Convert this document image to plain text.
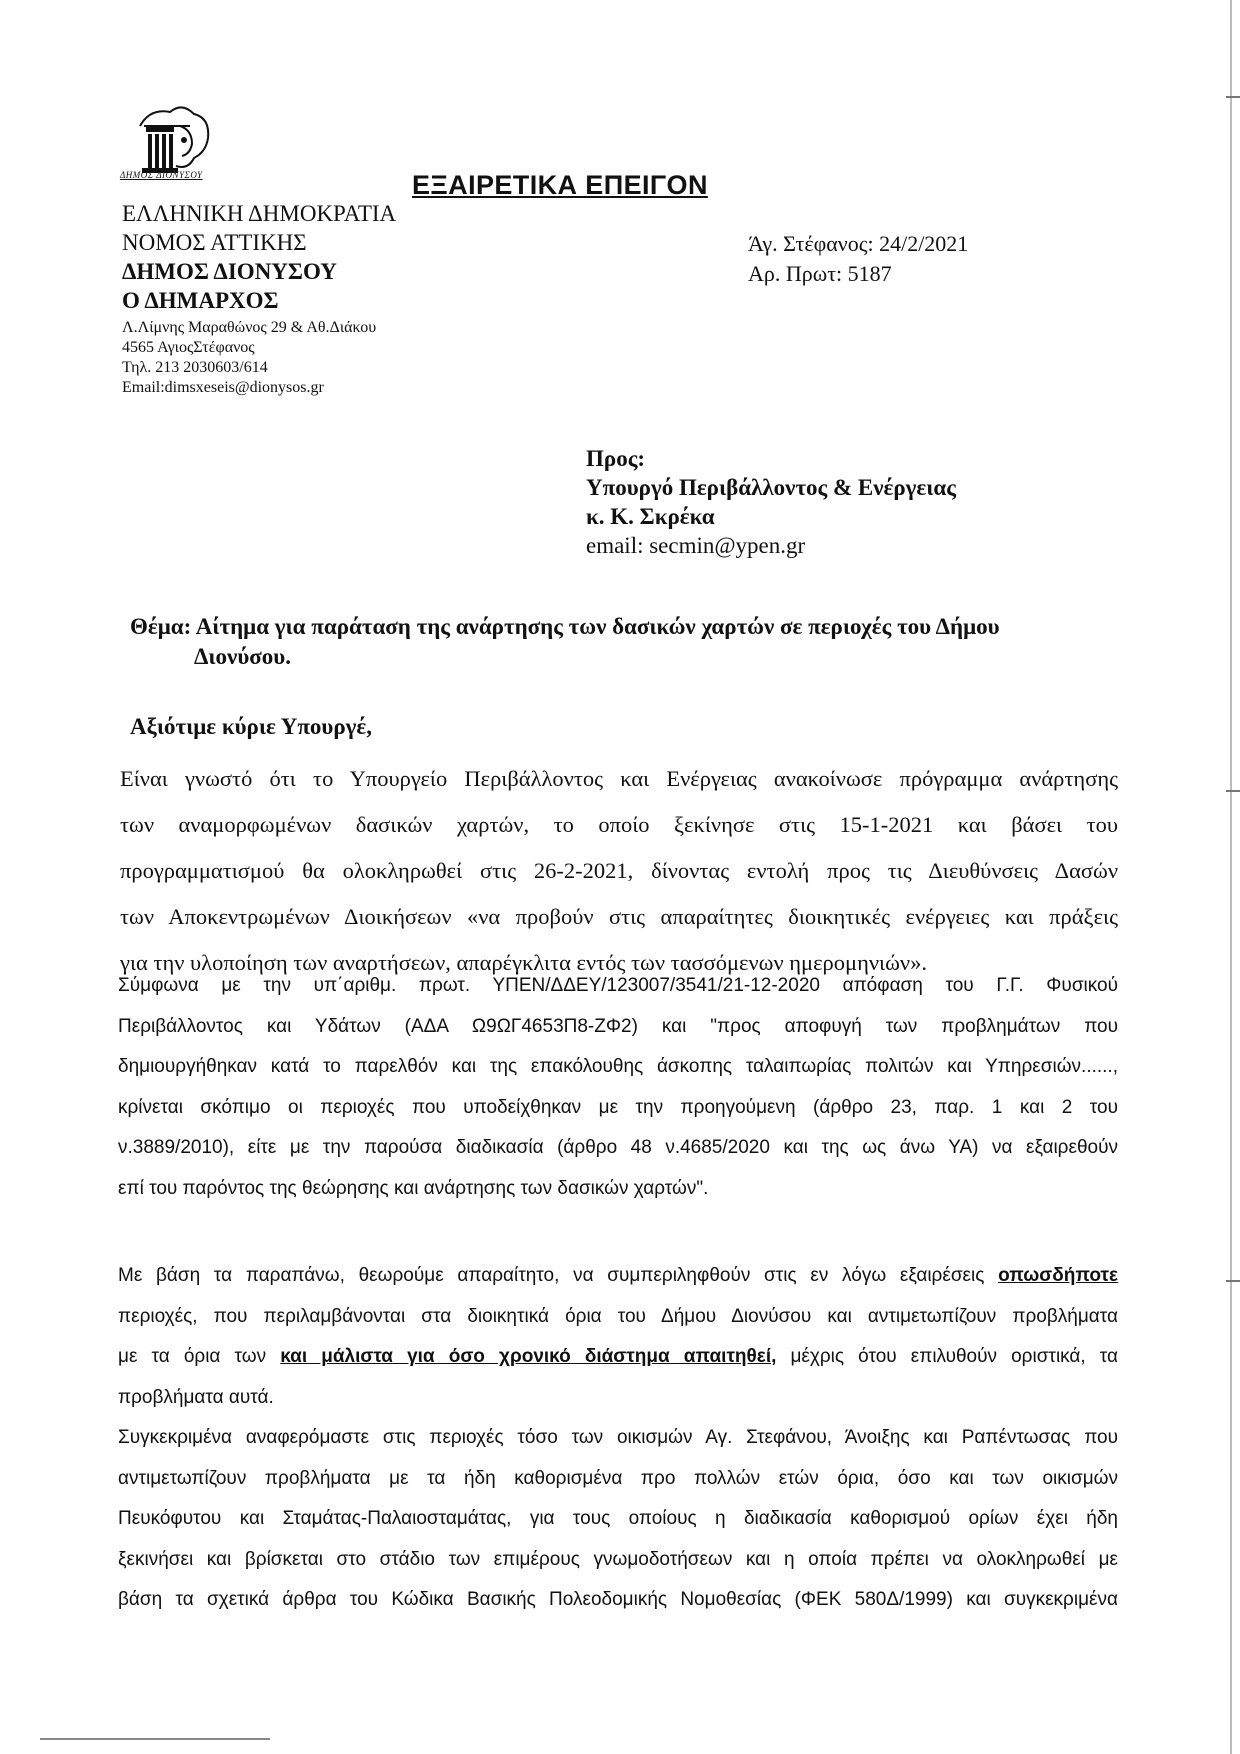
ΔΗΜΟΣ ΔΙΟΝΥΣΟΥ	ΕΞΑΙΡΕΤΙΚΑ ΕΠΕΙΓΟΝ
ΕΛΛΗΝΙΚΗ ΔΗΜΟΚΡΑΤΙΑ
ΝΟΜΟΣ ΑΤΤΙΚΗΣ
ΔΗΜΟΣ ΔΙΟΝΥΣΟΥ
Ο ΔΗΜΑΡΧΟΣ
Λ.Λίμνης Μαραθώνος 29 & Αθ.Διάκου
4565 ΑγιοςΣτέφανος
Τηλ. 213 2030603/614
Email:dimsxeseis@dionysos.gr
Άγ. Στέφανος: 24/2/2021
Αρ. Πρωτ: 5187
Προς:
Υπουργό Περιβάλλοντος & Ενέργειας
κ. Κ. Σκρέκα
email: secmin@ypen.gr
Θέμα: Αίτημα για παράταση της ανάρτησης των δασικών χαρτών σε περιοχές του Δήμου
Διονύσου.
Αξιότιμε κύριε Υπουργέ,
Είναι γνωστό ότι το Υπουργείο Περιβάλλοντος και Ενέργειας ανακοίνωσε πρόγραμμα ανάρτησης
των αναμορφωμένων δασικών χαρτών, το οποίο ξεκίνησε στις 15-1-2021 και βάσει του
προγραμματισμού θα ολοκληρωθεί στις 26-2-2021, δίνοντας εντολή προς τις Διευθύνσεις Δασών
των Αποκεντρωμένων Διοικήσεων «να προβούν στις απαραίτητες διοικητικές ενέργειες και πράξεις
για την υλοποίηση των αναρτήσεων, απαρέγκλιτα εντός των τασσόμενων ημερομηνιών».
Σύμφωνα με την υπ΄αριθμ. πρωτ. ΥΠΕΝ/ΔΔΕΥ/123007/3541/21-12-2020 απόφαση του Γ.Γ. Φυσικού
Περιβάλλοντος και Υδάτων (ΑΔΑ Ω9ΩΓ4653Π8-ΖΦ2) και "προς αποφυγή των προβλημάτων που
δημιουργήθηκαν κατά το παρελθόν και της επακόλουθης άσκοπης ταλαιπωρίας πολιτών και Υπηρεσιών......,
κρίνεται σκόπιμο οι περιοχές που υποδείχθηκαν με την προηγούμενη (άρθρο 23, παρ. 1 και 2 του
ν.3889/2010), είτε με την παρούσα διαδικασία (άρθρο 48 ν.4685/2020 και της ως άνω ΥΑ) να εξαιρεθούν
επί του παρόντος της θεώρησης και ανάρτησης των δασικών χαρτών".
Με βάση τα παραπάνω, θεωρούμε απαραίτητο, να συμπεριληφθούν στις εν λόγω εξαιρέσεις οπωσδήποτε
περιοχές, που περιλαμβάνονται στα διοικητικά όρια του Δήμου Διονύσου και αντιμετωπίζουν προβλήματα
με τα όρια των και μάλιστα για όσο χρονικό διάστημα απαιτηθεί, μέχρις ότου επιλυθούν οριστικά, τα
προβλήματα αυτά.
Συγκεκριμένα αναφερόμαστε στις περιοχές τόσο των οικισμών Αγ. Στεφάνου, Άνοιξης και Ραπέντωσας που
αντιμετωπίζουν προβλήματα με τα ήδη καθορισμένα προ πολλών ετών όρια, όσο και των οικισμών
Πευκόφυτου και Σταμάτας-Παλαιοσταμάτας, για τους οποίους η διαδικασία καθορισμού ορίων έχει ήδη
ξεκινήσει και βρίσκεται στο στάδιο των επιμέρους γνωμοδοτήσεων και η οποία πρέπει να ολοκληρωθεί με
βάση τα σχετικά άρθρα του Κώδικα Βασικής Πολεοδομικής Νομοθεσίας (ΦΕΚ 580Δ/1999) και συγκεκριμένα
